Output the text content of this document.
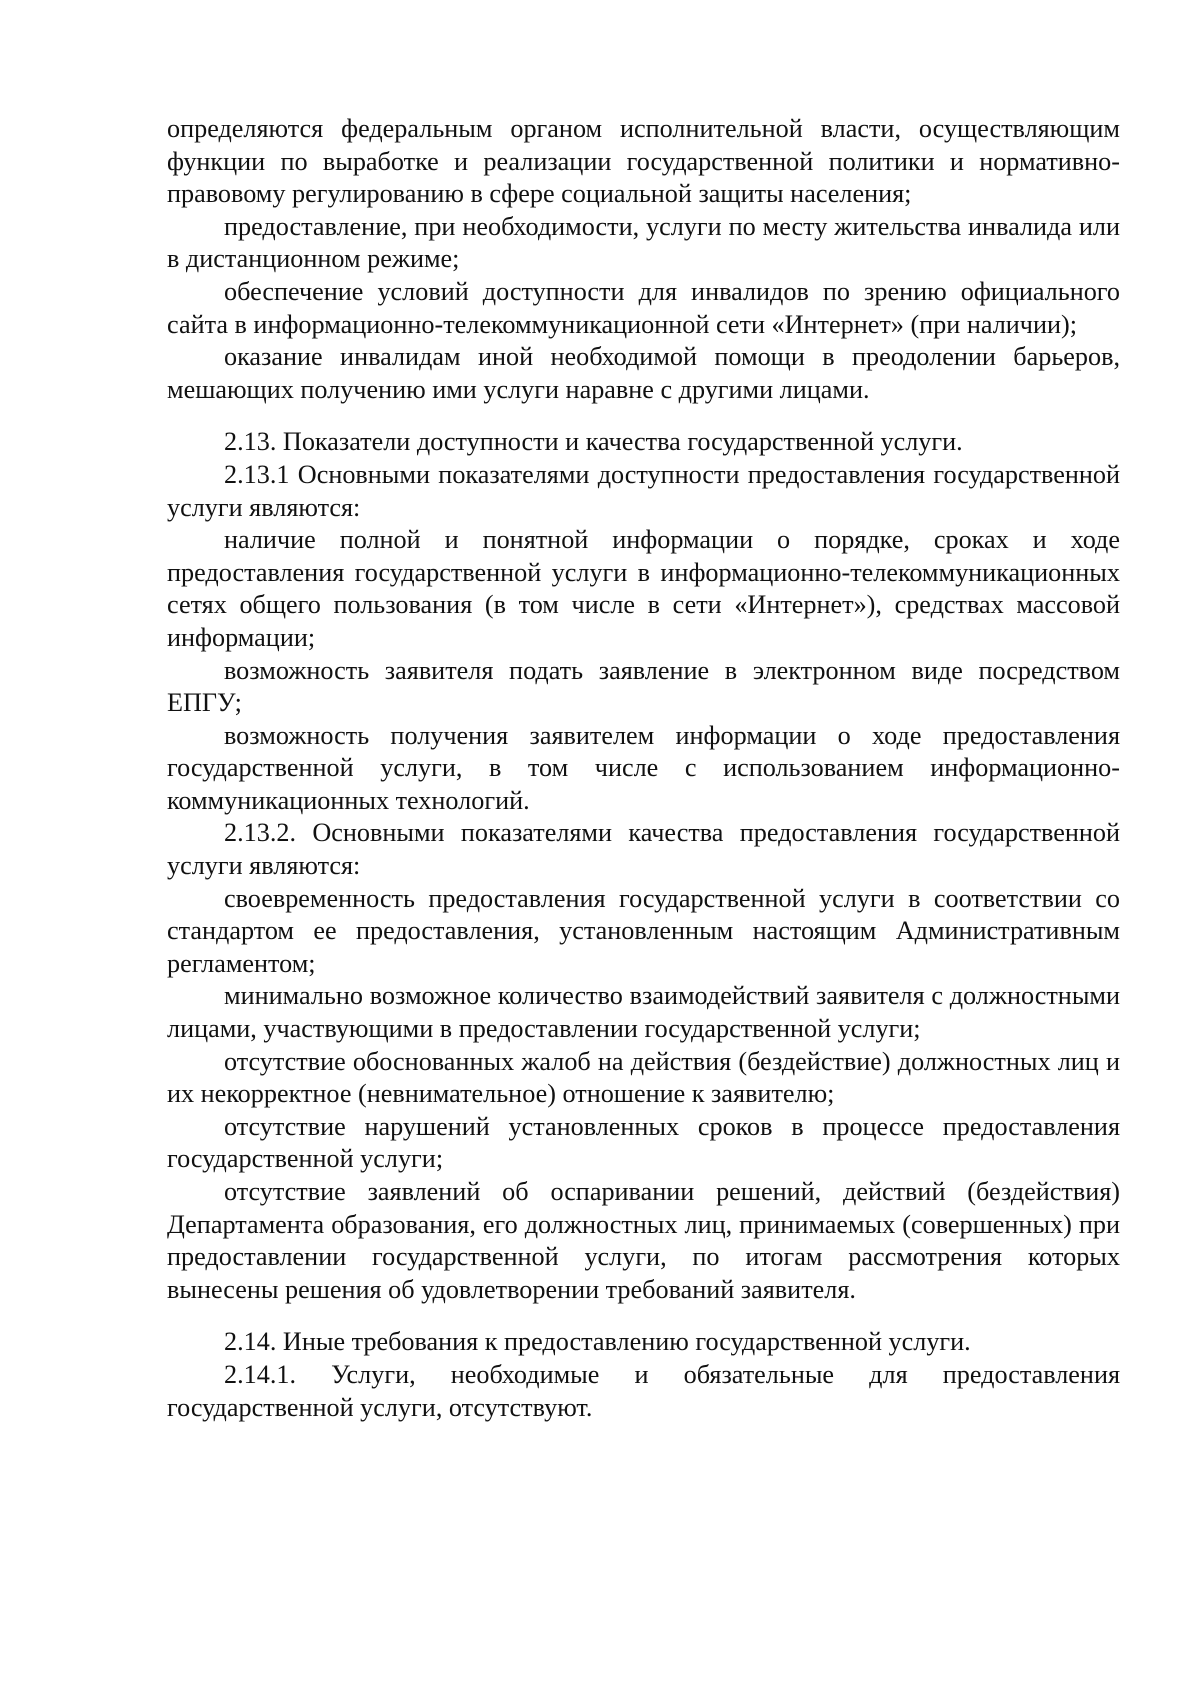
определяются федеральным органом исполнительной власти, осуществляющим функции по выработке и реализации государственной политики и нормативно-правовому регулированию в сфере социальной защиты населения;

предоставление, при необходимости, услуги по месту жительства инвалида или в дистанционном режиме;

обеспечение условий доступности для инвалидов по зрению официального сайта в информационно-телекоммуникационной сети «Интернет» (при наличии);

оказание инвалидам иной необходимой помощи в преодолении барьеров, мешающих получению ими услуги наравне с другими лицами.

2.13. Показатели доступности и качества государственной услуги.

2.13.1 Основными показателями доступности предоставления государственной услуги являются:

наличие полной и понятной информации о порядке, сроках и ходе предоставления государственной услуги в информационно-телекоммуникационных сетях общего пользования (в том числе в сети «Интернет»), средствах массовой информации;

возможность заявителя подать заявление в электронном виде посредством ЕПГУ;

возможность получения заявителем информации о ходе предоставления государственной услуги, в том числе с использованием информационно-коммуникационных технологий.

2.13.2. Основными показателями качества предоставления государственной услуги являются:

своевременность предоставления государственной услуги в соответствии со стандартом ее предоставления, установленным настоящим Административным регламентом;

минимально возможное количество взаимодействий заявителя с должностными лицами, участвующими в предоставлении государственной услуги;

отсутствие обоснованных жалоб на действия (бездействие) должностных лиц и их некорректное (невнимательное) отношение к заявителю;

отсутствие нарушений установленных сроков в процессе предоставления государственной услуги;

отсутствие заявлений об оспаривании решений, действий (бездействия) Департамента образования, его должностных лиц, принимаемых (совершенных) при предоставлении государственной услуги, по итогам рассмотрения которых вынесены решения об удовлетворении требований заявителя.

2.14. Иные требования к предоставлению государственной услуги.

2.14.1. Услуги, необходимые и обязательные для предоставления государственной услуги, отсутствуют.
